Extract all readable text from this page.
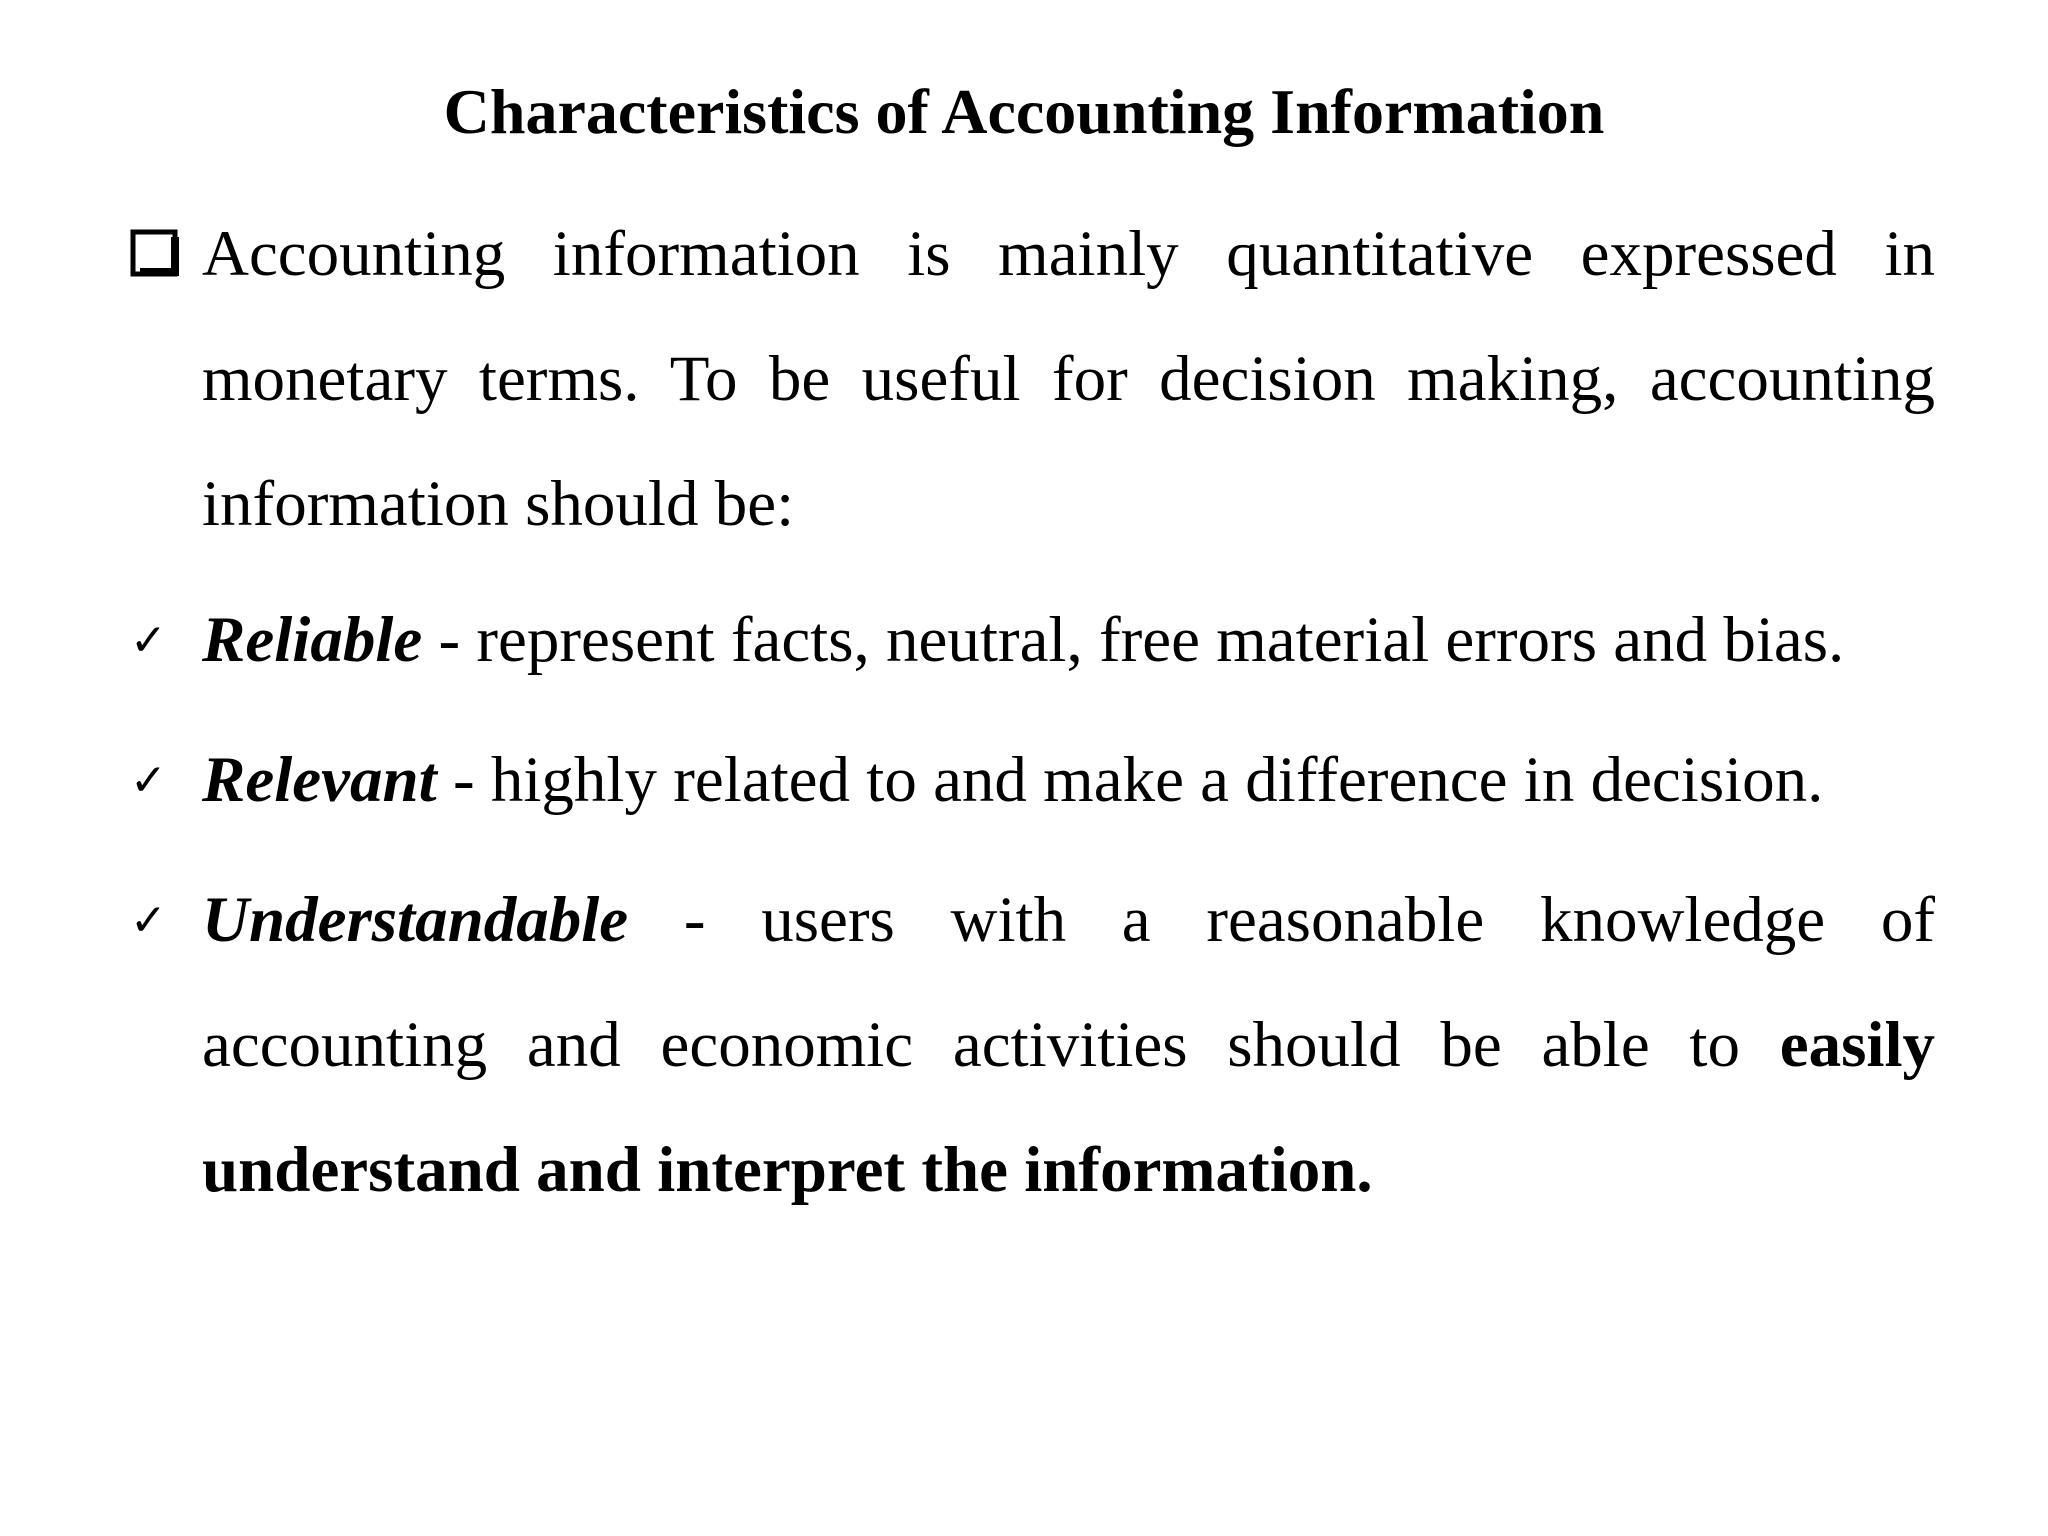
Characteristics of Accounting Information
Accounting information is mainly quantitative expressed in monetary terms. To be useful for decision making, accounting information should be:
✓ Reliable - represent facts, neutral, free material errors and bias.
✓ Relevant - highly related to and make a difference in decision.
✓ Understandable - users with a reasonable knowledge of accounting and economic activities should be able to easily understand and interpret the information.
